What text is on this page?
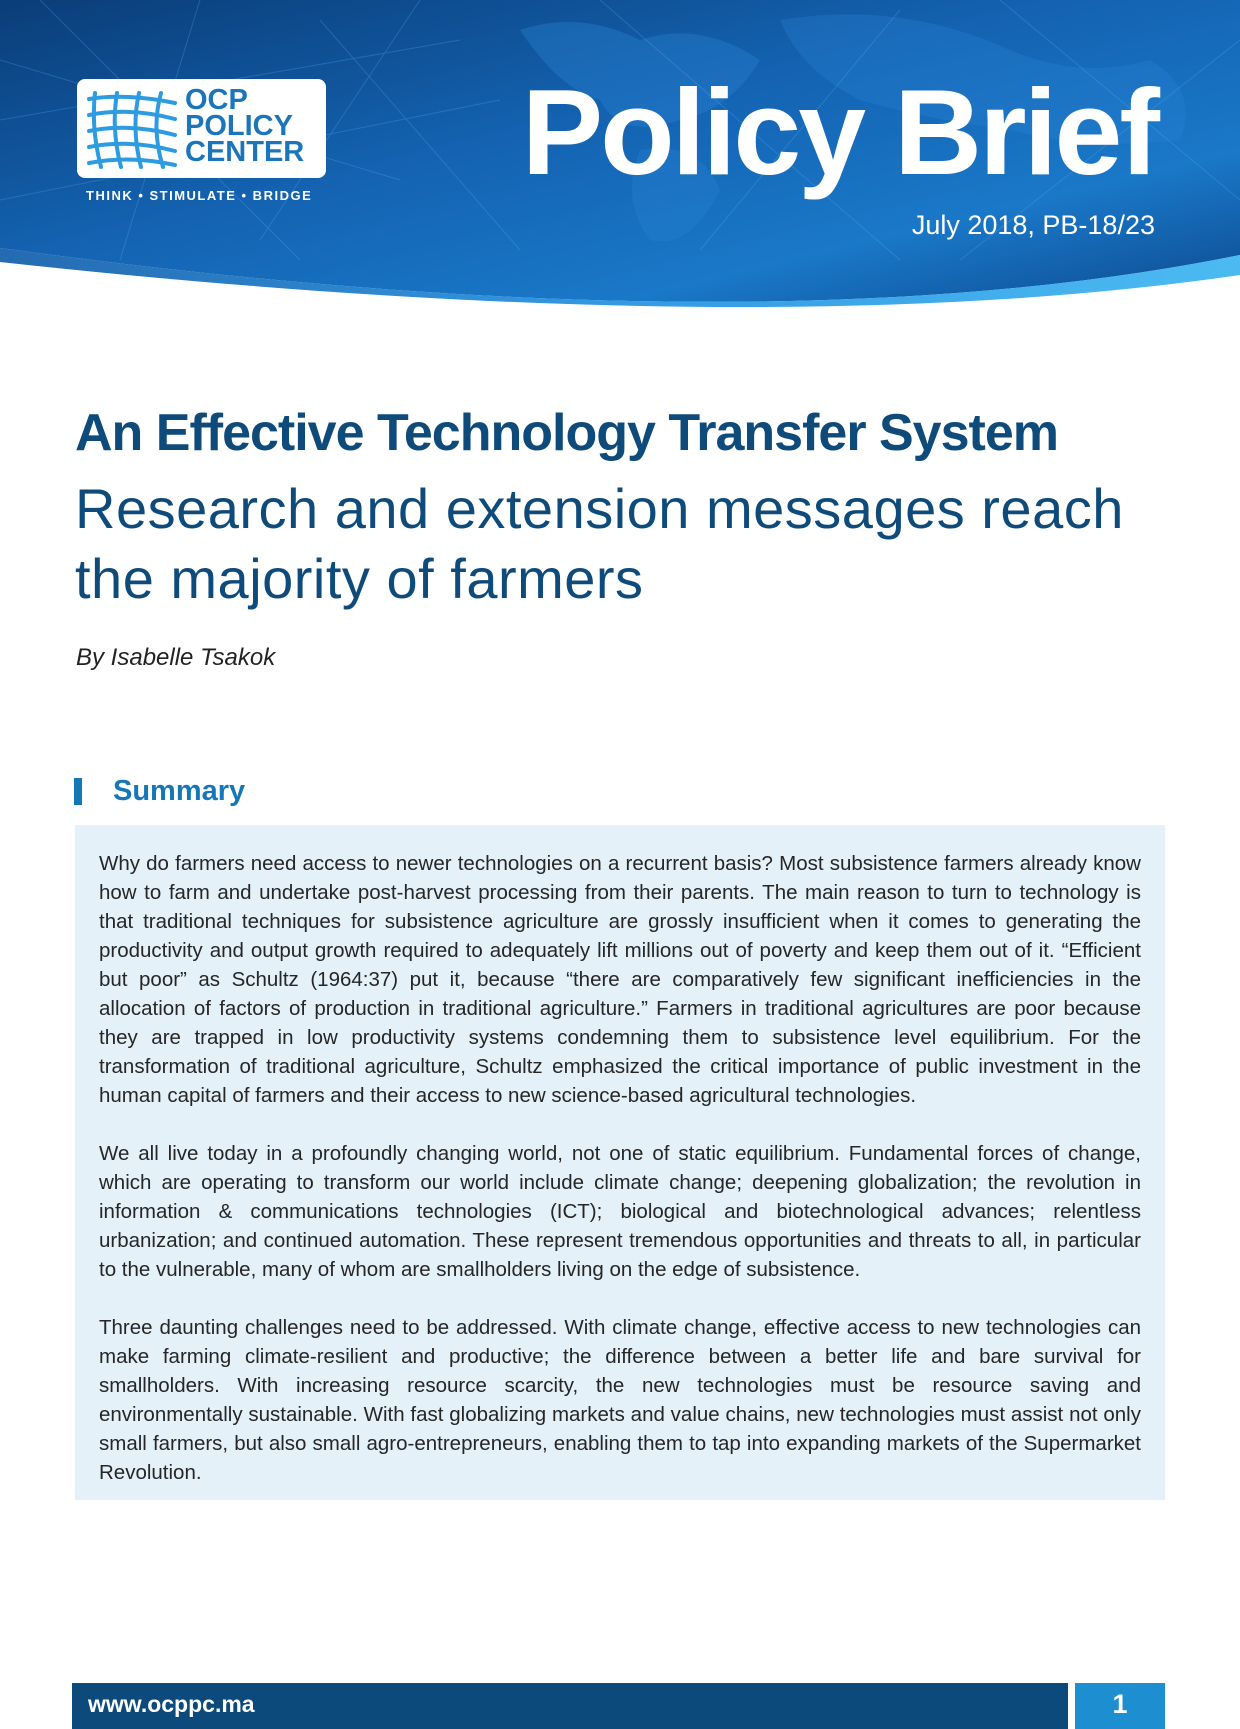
OCP
POLICY
CENTER
THINK • STIMULATE • BRIDGE Policy Brief
July 2018, PB-18/23
An Effective Technology Transfer System
Research and extension messages reach the majority of farmers
By Isabelle Tsakok
Summary

Why do farmers need access to newer technologies on a recurrent basis? Most subsistence farmers already know how to farm and undertake post-harvest processing from their parents. The main reason to turn to technology is that traditional techniques for subsistence agriculture are grossly insufficient when it comes to generating the productivity and output growth required to adequately lift millions out of poverty and keep them out of it. “Efficient but poor” as Schultz (1964:37) put it, because “there are comparatively few significant inefficiencies in the allocation of factors of production in traditional agriculture.” Farmers in traditional agricultures are poor because they are trapped in low productivity systems condemning them to subsistence level equilibrium. For the transformation of traditional agriculture, Schultz emphasized the critical importance of public investment in the human capital of farmers and their access to new science-based agricultural technologies.

We all live today in a profoundly changing world, not one of static equilibrium. Fundamental forces of change, which are operating to transform our world include climate change; deepening globalization; the revolution in information & communications technologies (ICT); biological and biotechnological advances; relentless urbanization; and continued automation. These represent tremendous opportunities and threats to all, in particular to the vulnerable, many of whom are smallholders living on the edge of subsistence.

Three daunting challenges need to be addressed. With climate change, effective access to new technologies can make farming climate-resilient and productive; the difference between a better life and bare survival for smallholders. With increasing resource scarcity, the new technologies must be resource saving and environmentally sustainable. With fast globalizing markets and value chains, new technologies must assist not only small farmers, but also small agro-entrepreneurs, enabling them to tap into expanding markets of the Supermarket Revolution.

www.ocppc.ma	1
